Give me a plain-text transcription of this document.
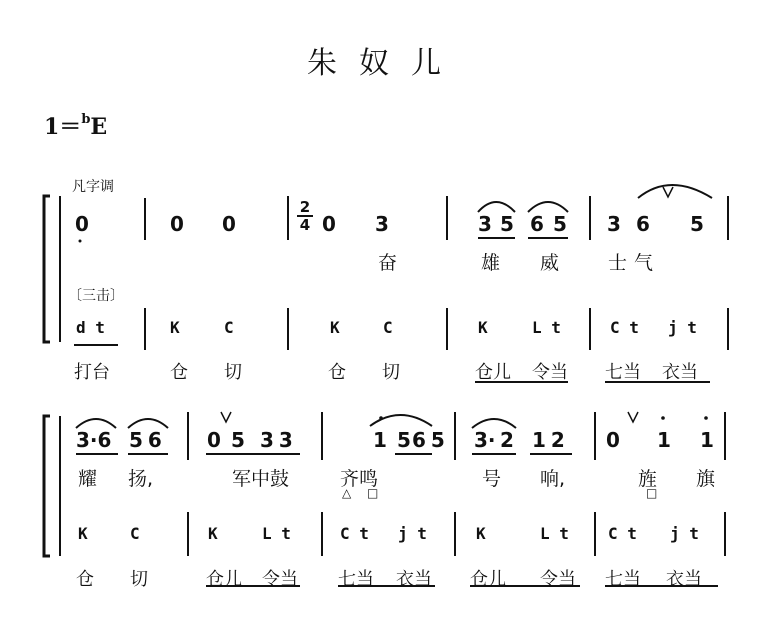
朱奴儿
1＝$^b$E
凡字调
〔三击〕
0	0 0
2
4 0 3	3 5 6 5 3 6 5
奋	雄 威	士 气
d t	K	C	K	C	K	L t	C t j t
打台	仓 切	仓 切	仓儿 令当 七当 衣当
3·6 5 6 0 5 3 3	1 5 6 5 3· 2 1 2 0 1 1
耀 扬,	军中鼓	齐鸣	号 响,	旌 旗
△ □	□
K	C	K	L t	C t j t	K	L t C t j t
仓 切	仓儿 令当 七当 衣当 仓儿 令当 七当 衣当
